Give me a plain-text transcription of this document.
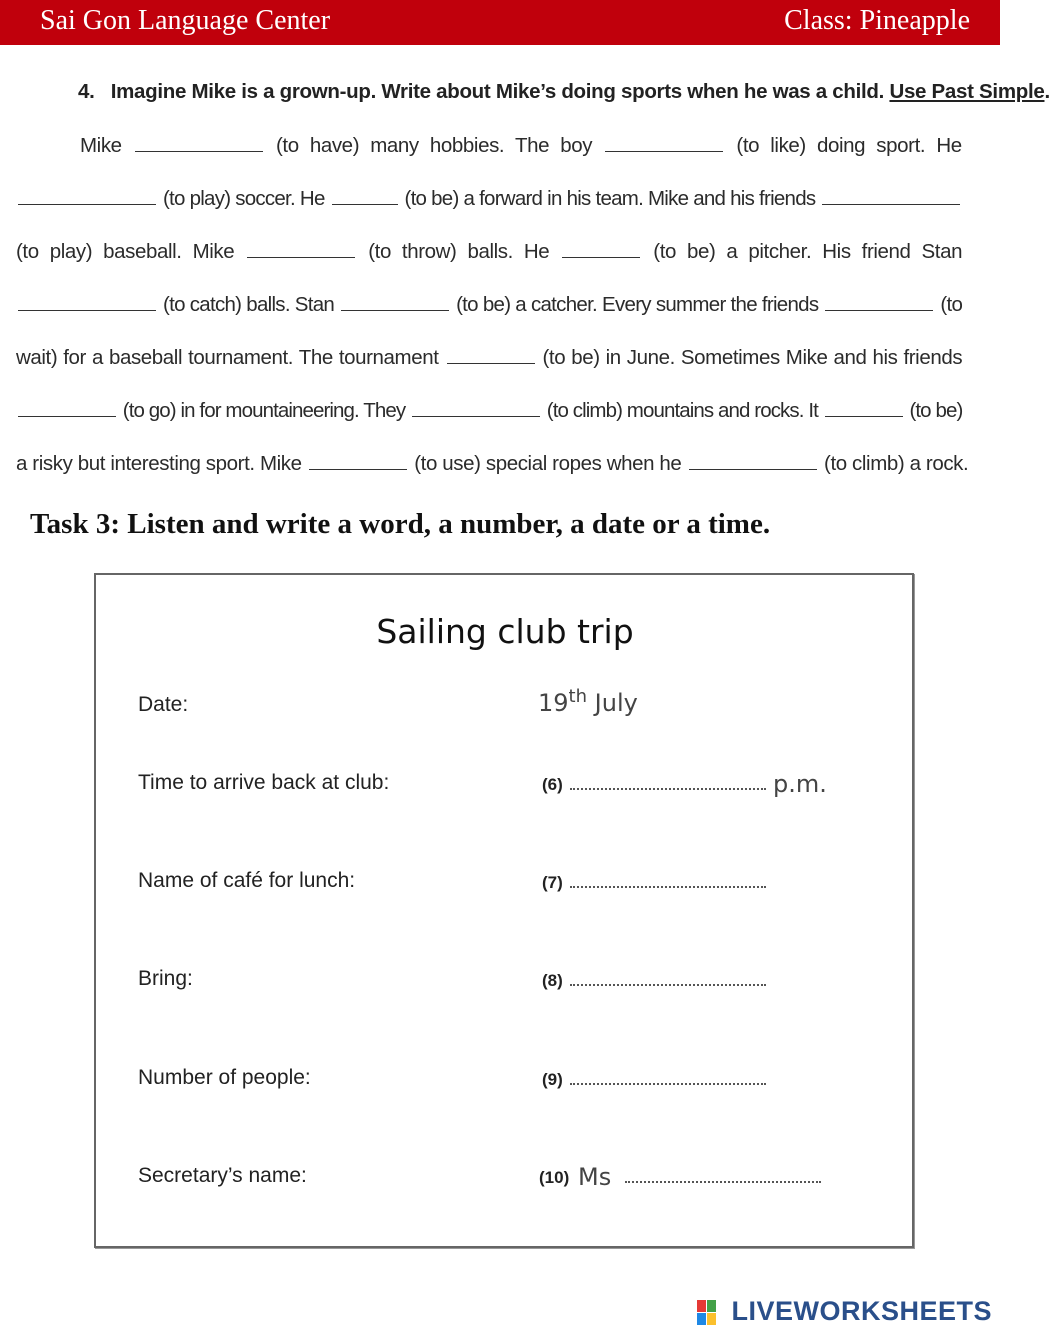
Sai Gon Language Center	Class: Pineapple
4. Imagine Mike is a grown-up. Write about Mike’s doing sports when he was a child. Use Past Simple.
Mike	(to have) many hobbies. The boy	(to like) doing sport. He
(to play) soccer. He	(to be) a forward in his team. Mike and his friends
(to play) baseball. Mike	(to throw) balls. He	(to be) a pitcher. His friend Stan
(to catch) balls. Stan	(to be) a catcher. Every summer the friends	(to
wait) for a baseball tournament. The tournament	(to be) in June. Sometimes Mike and his friends
(to go) in for mountaineering. They	(to climb) mountains and rocks. It	(to be)
a risky but interesting sport. Mike	(to use) special ropes when he	(to climb) a rock.
Task 3: Listen and write a word, a number, a date or a time.
Sailing club trip
Date:	19th July
Time to arrive back at club:	(6)	p.m.
Name of café for lunch:	(7)
Bring:	(8)
Number of people:	(9)
Secretary’s name:	(10) Ms
LIVEWORKSHEETS
